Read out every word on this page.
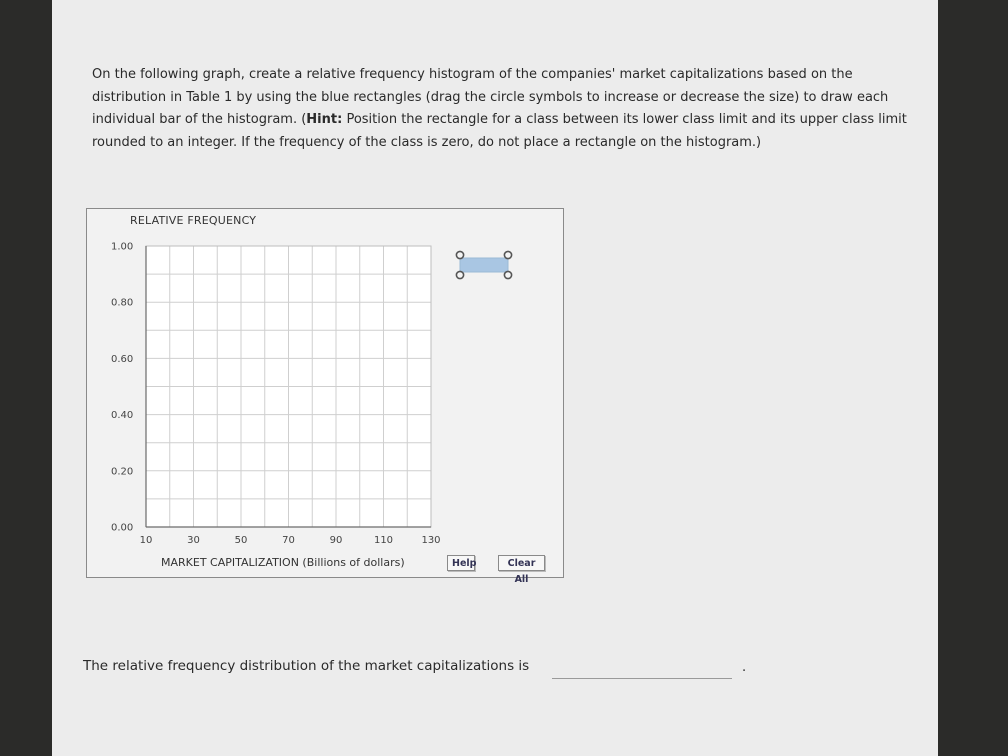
On the following graph, create a relative frequency histogram of the companies' market capitalizations based on the distribution in Table 1 by using the blue rectangles (drag the circle symbols to increase or decrease the size) to draw each individual bar of the histogram. (Hint: Position the rectangle for a class between its lower class limit and its upper class limit rounded to an integer. If the frequency of the class is zero, do not place a rectangle on the histogram.)

RELATIVE FREQUENCY
1.00
0.80
0.60
0.40
0.20
0.00
10	30	50	70	90	110	130
MARKET CAPITALIZATION (Billions of dollars)	Help	Clear All
The relative frequency distribution of the market capitalizations is	.
